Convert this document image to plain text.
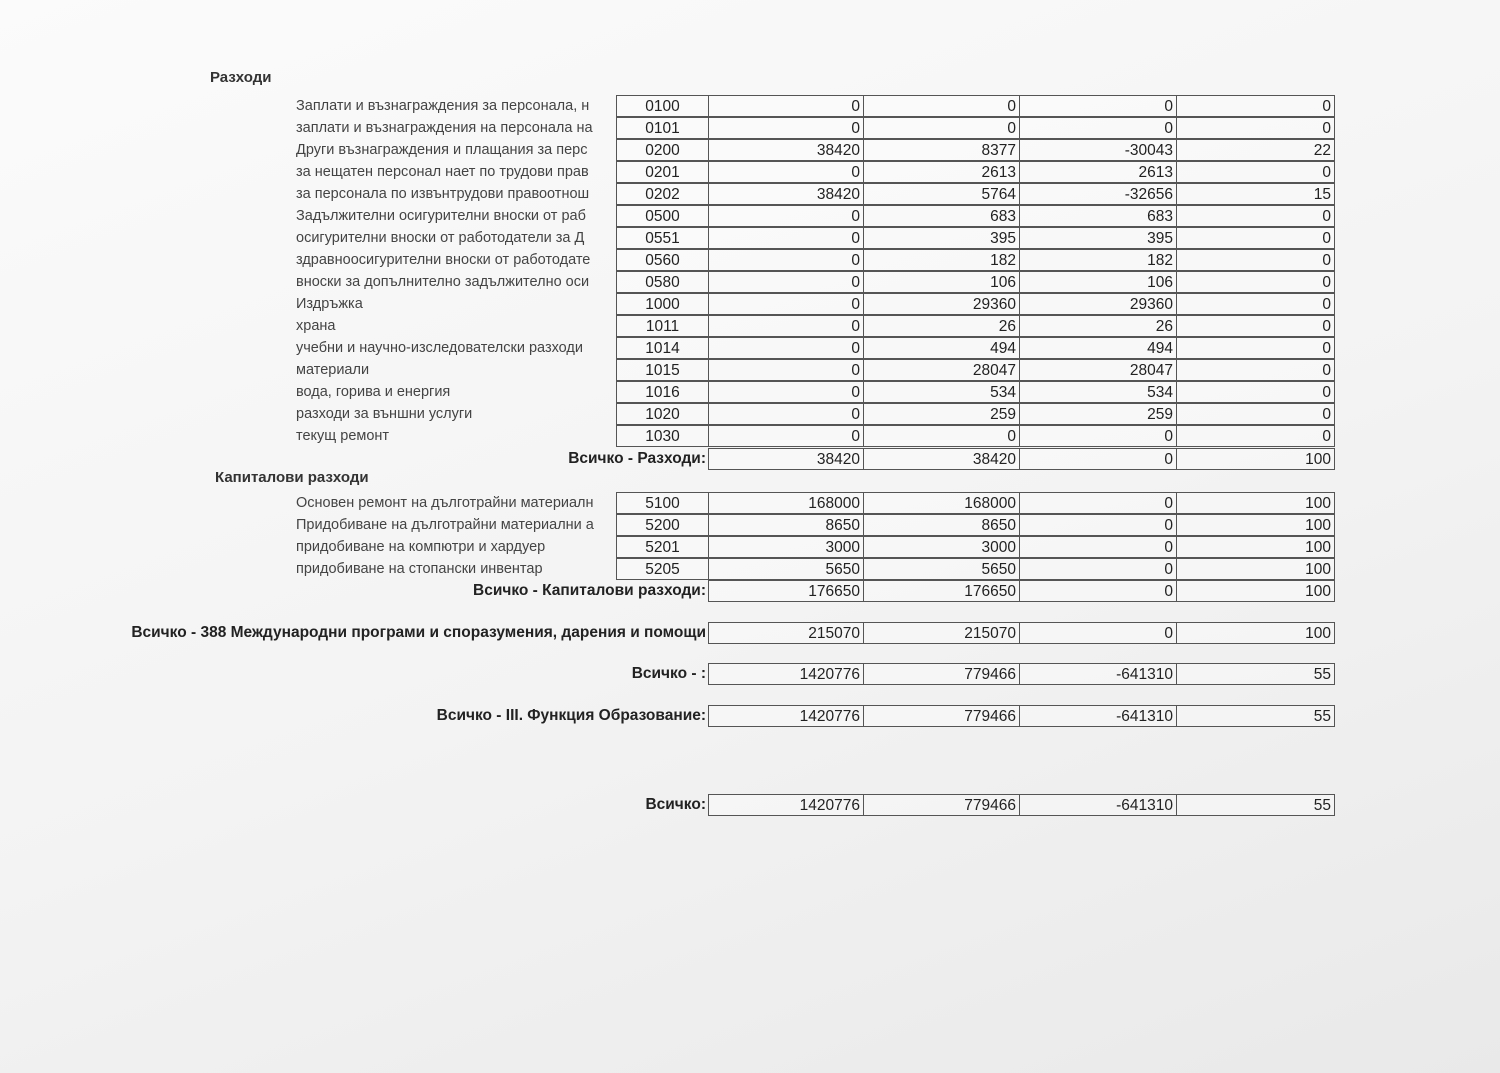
Разходи
Заплати и възнаграждения за персонала, н	0100	0	0	0	0
заплати и възнаграждения на персонала на	0101	0	0	0	0
Други възнаграждения и плащания за перс	0200	38420	8377	-30043	22
за нещатен персонал нает по трудови прав	0201	0	2613	2613	0
за персонала по извънтрудови правоотнош	0202	38420	5764	-32656	15
Задължителни осигурителни вноски от раб	0500	0	683	683	0
осигурителни вноски от работодатели за Д	0551	0	395	395	0
здравноосигурителни вноски от работодате	0560	0	182	182	0
вноски за допълнително задължително оси	0580	0	106	106	0
Издръжка	1000	0	29360	29360	0
храна	1011	0	26	26	0
учебни и научно-изследователски разходи	1014	0	494	494	0
материали	1015	0	28047	28047	0
вода, горива и енергия	1016	0	534	534	0
разходи за външни услуги	1020	0	259	259	0
текущ ремонт	1030	0	0	0	0
Всичко - Разходи:	38420	38420	0	100
Капиталови разходи
Основен ремонт на дълготрайни материалн	5100	168000	168000	0	100
Придобиване на дълготрайни материални а	5200	8650	8650	0	100
придобиване на компютри и хардуер	5201	3000	3000	0	100
придобиване на стопански инвентар	5205	5650	5650	0	100
Всичко - Капиталови разходи:	176650	176650	0	100
Всичко - 388 Международни програми и споразумения, дарения и помощи	215070	215070	0	100
Всичко - :	1420776	779466	-641310	55
Всичко - III. Функция Образование:	1420776	779466	-641310	55
Всичко:	1420776	779466	-641310	55
